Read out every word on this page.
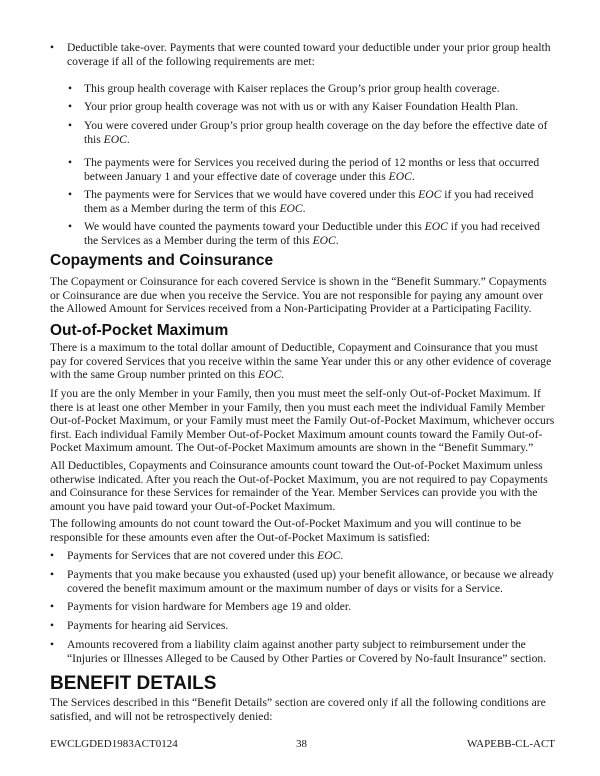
• Deductible take-over. Payments that were counted toward your deductible under your prior group health coverage if all of the following requirements are met:
• This group health coverage with Kaiser replaces the Group’s prior group health coverage.
• Your prior group health coverage was not with us or with any Kaiser Foundation Health Plan.
• You were covered under Group’s prior group health coverage on the day before the effective date of this EOC.
• The payments were for Services you received during the period of 12 months or less that occurred between January 1 and your effective date of coverage under this EOC.
• The payments were for Services that we would have covered under this EOC if you had received them as a Member during the term of this EOC.
• We would have counted the payments toward your Deductible under this EOC if you had received the Services as a Member during the term of this EOC.
Copayments and Coinsurance

The Copayment or Coinsurance for each covered Service is shown in the “Benefit Summary.” Copayments or Coinsurance are due when you receive the Service. You are not responsible for paying any amount over the Allowed Amount for Services received from a Non-Participating Provider at a Participating Facility.

Out-of-Pocket Maximum

There is a maximum to the total dollar amount of Deductible, Copayment and Coinsurance that you must pay for covered Services that you receive within the same Year under this or any other evidence of coverage with the same Group number printed on this EOC.

If you are the only Member in your Family, then you must meet the self-only Out-of-Pocket Maximum. If there is at least one other Member in your Family, then you must each meet the individual Family Member Out-of-Pocket Maximum, or your Family must meet the Family Out-of-Pocket Maximum, whichever occurs first. Each individual Family Member Out-of-Pocket Maximum amount counts toward the Family Out-of-Pocket Maximum amount. The Out-of-Pocket Maximum amounts are shown in the “Benefit Summary.”

All Deductibles, Copayments and Coinsurance amounts count toward the Out-of-Pocket Maximum unless otherwise indicated. After you reach the Out-of-Pocket Maximum, you are not required to pay Copayments and Coinsurance for these Services for remainder of the Year. Member Services can provide you with the amount you have paid toward your Out-of-Pocket Maximum.

The following amounts do not count toward the Out-of-Pocket Maximum and you will continue to be responsible for these amounts even after the Out-of-Pocket Maximum is satisfied:

• Payments for Services that are not covered under this EOC.
• Payments that you make because you exhausted (used up) your benefit allowance, or because we already covered the benefit maximum amount or the maximum number of days or visits for a Service.
• Payments for vision hardware for Members age 19 and older.
• Payments for hearing aid Services.
• Amounts recovered from a liability claim against another party subject to reimbursement under the “Injuries or Illnesses Alleged to be Caused by Other Parties or Covered by No-fault Insurance” section.
BENEFIT DETAILS

The Services described in this “Benefit Details” section are covered only if all the following conditions are satisfied, and will not be retrospectively denied:

EWCLGDED1983ACT0124	38	WAPEBB-CL-ACT
